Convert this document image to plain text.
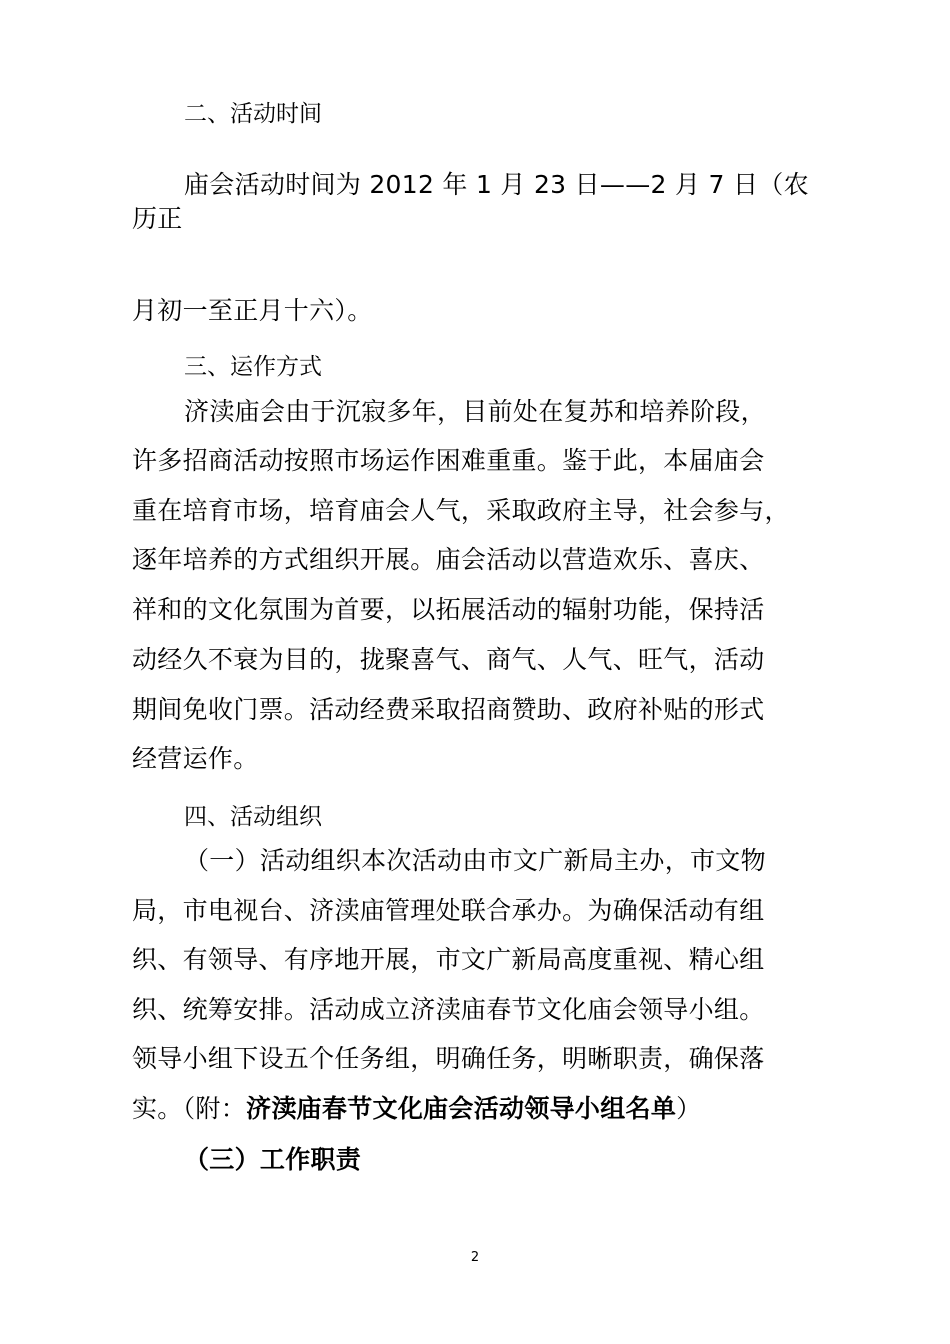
二、活动时间

庙会活动时间为 2012 年 1 月 23 日——2 月 7 日（农

历正

月初一至正月十六）。

三、运作方式

济渎庙会由于沉寂多年，目前处在复苏和培养阶段，

许多招商活动按照市场运作困难重重。鉴于此，本届庙会

重在培育市场，培育庙会人气，采取政府主导，社会参与，

逐年培养的方式组织开展。庙会活动以营造欢乐、喜庆、

祥和的文化氛围为首要，以拓展活动的辐射功能，保持活

动经久不衰为目的，拢聚喜气、商气、人气、旺气，活动

期间免收门票。活动经费采取招商赞助、政府补贴的形式

经营运作。

四、活动组织

（一）活动组织本次活动由市文广新局主办，市文物

局，市电视台、济渎庙管理处联合承办。为确保活动有组

织、有领导、有序地开展，市文广新局高度重视、精心组

织、统筹安排。活动成立济渎庙春节文化庙会领导小组。

领导小组下设五个任务组，明确任务，明晰职责，确保落

实。（附：济渎庙春节文化庙会活动领导小组名单）

（三）工作职责

2
